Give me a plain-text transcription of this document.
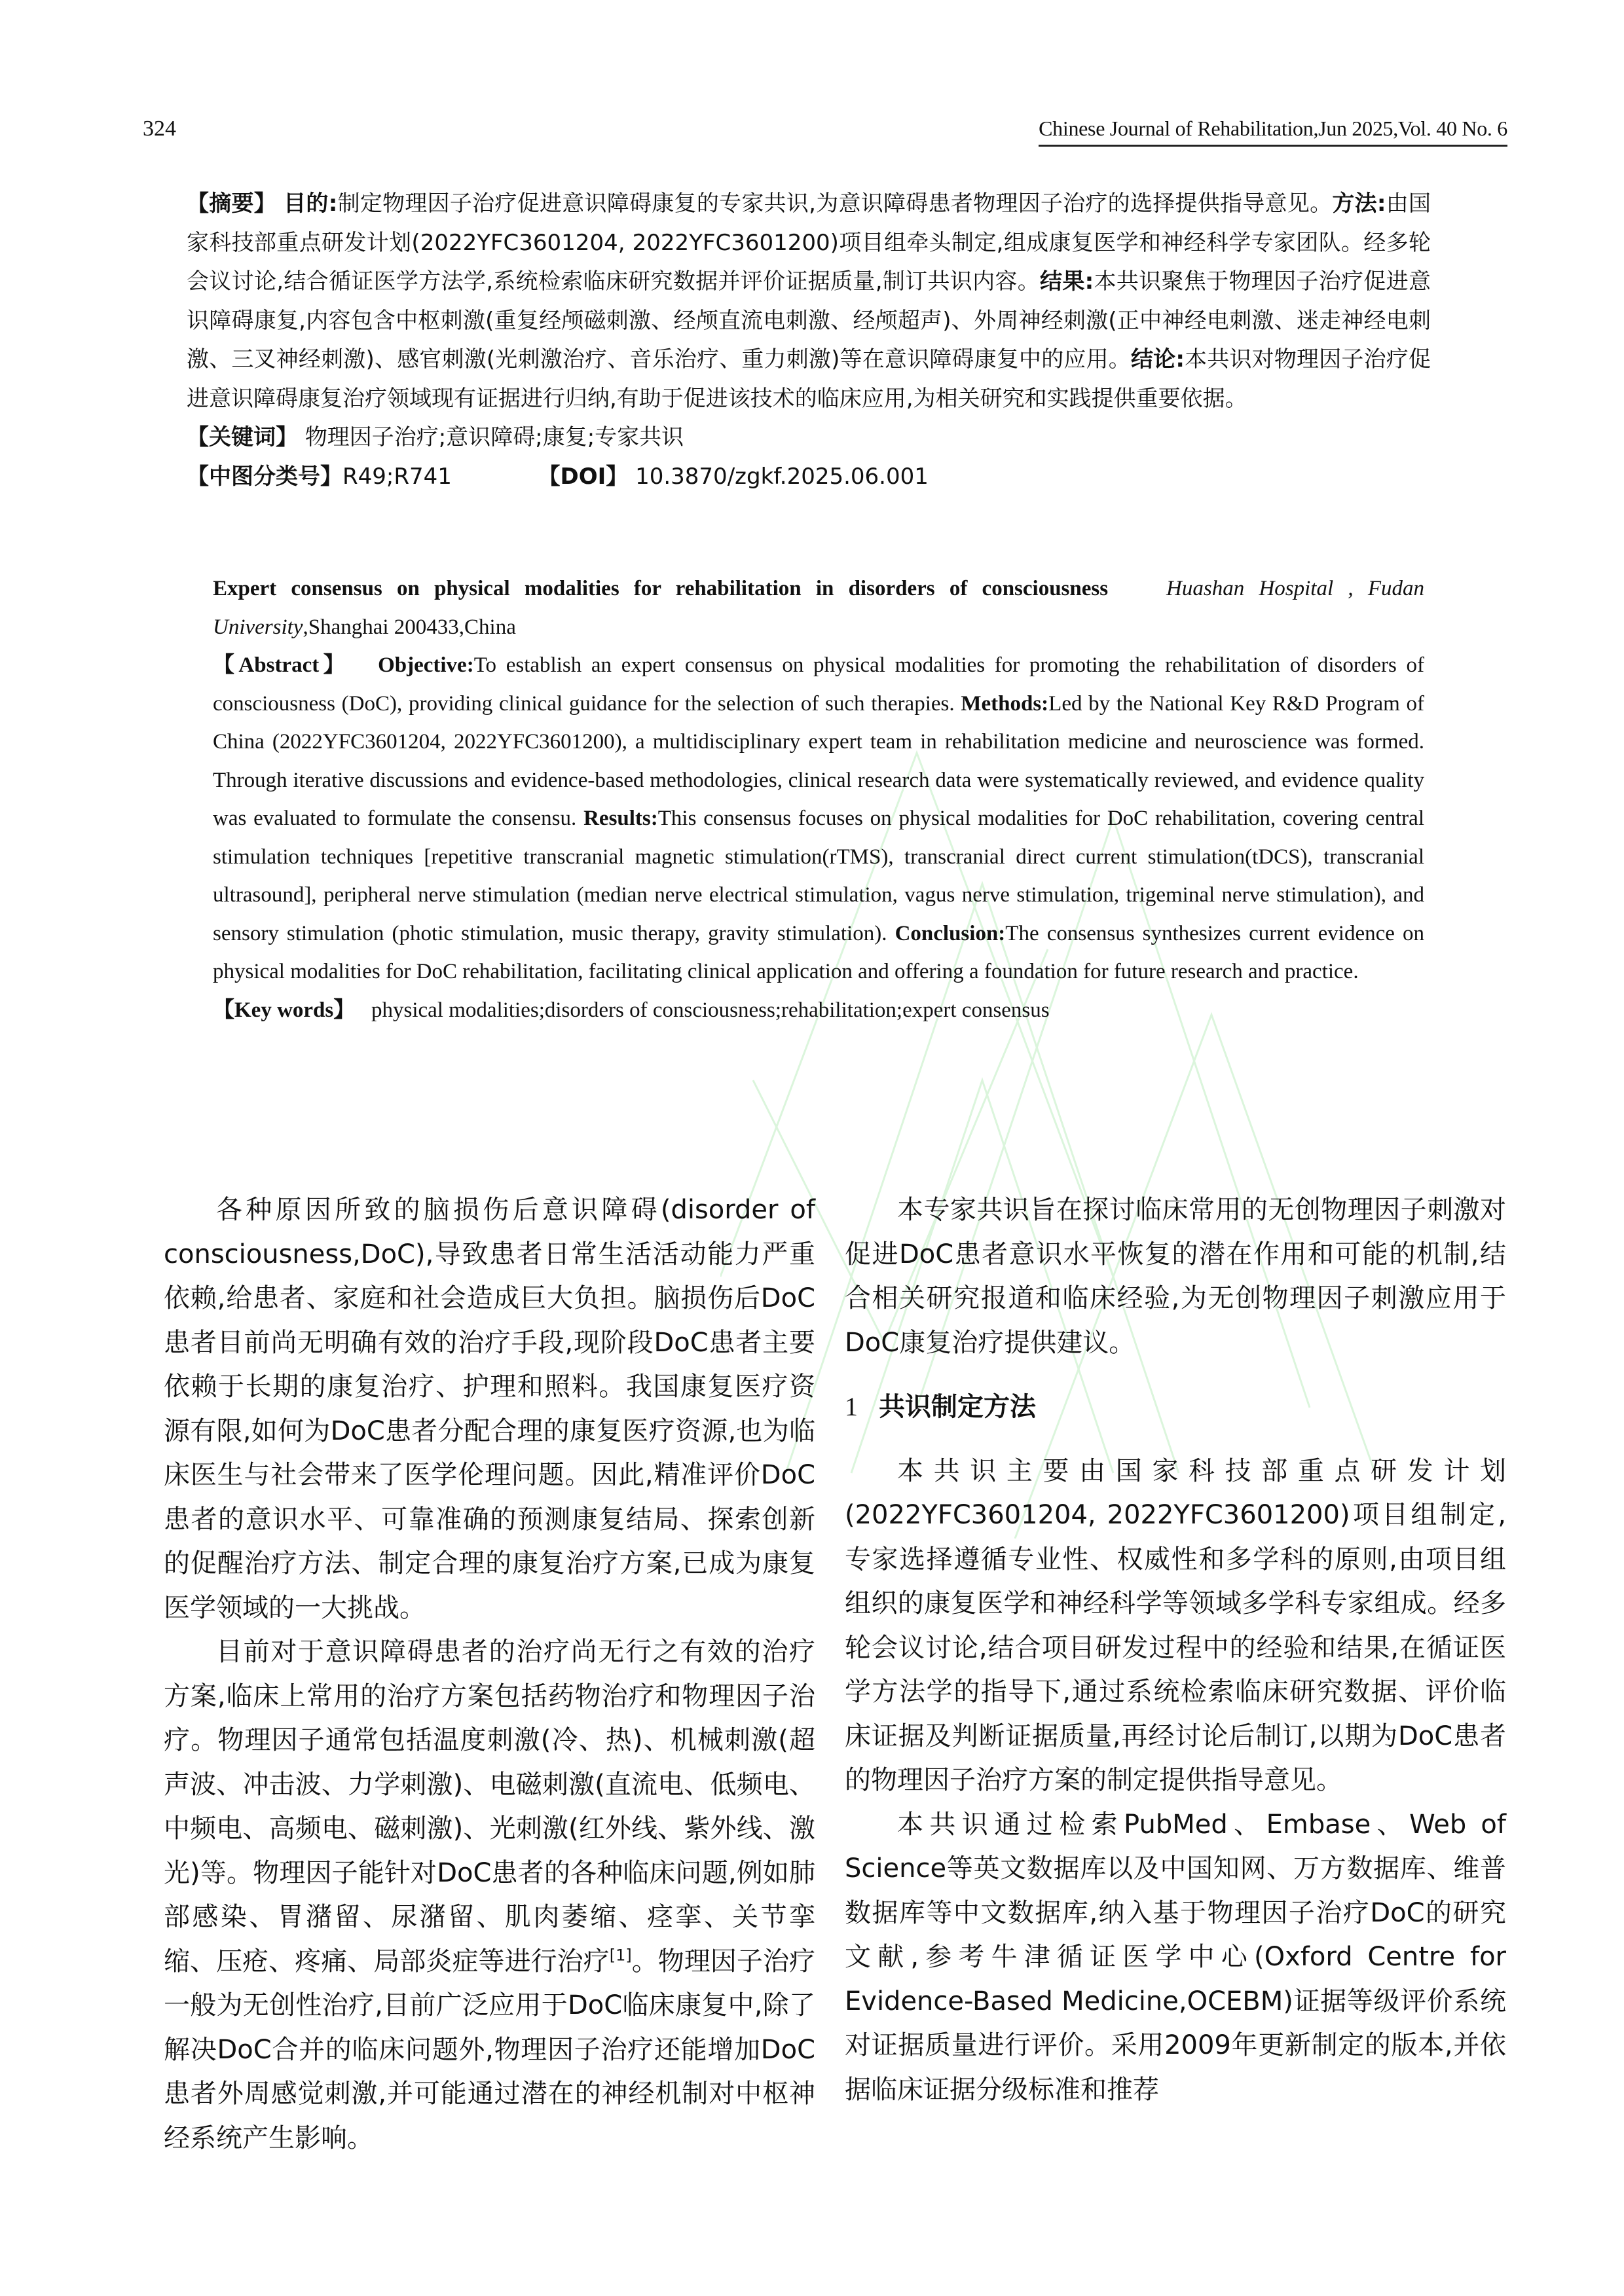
324	Chinese Journal of Rehabilitation,Jun 2025,Vol. 40 No. 6

【摘要】 目的:制定物理因子治疗促进意识障碍康复的专家共识,为意识障碍患者物理因子治疗的选择提供指导意见。方法:由国家科技部重点研发计划(2022YFC3601204, 2022YFC3601200)项目组牵头制定,组成康复医学和神经科学专家团队。经多轮会议讨论,结合循证医学方法学,系统检索临床研究数据并评价证据质量,制订共识内容。结果:本共识聚焦于物理因子治疗促进意识障碍康复,内容包含中枢刺激(重复经颅磁刺激、经颅直流电刺激、经颅超声)、外周神经刺激(正中神经电刺激、迷走神经电刺激、三叉神经刺激)、感官刺激(光刺激治疗、音乐治疗、重力刺激)等在意识障碍康复中的应用。结论:本共识对物理因子治疗促进意识障碍康复治疗领域现有证据进行归纳,有助于促进该技术的临床应用,为相关研究和实践提供重要依据。

【关键词】 物理因子治疗;意识障碍;康复;专家共识

【中图分类号】R49;R741	【DOI】 10.3870/zgkf.2025.06.001

Expert consensus on physical modalities for rehabilitation in disorders of consciousness	Huashan Hospital , Fudan University,Shanghai 200433,China

【Abstract】 Objective:To establish an expert consensus on physical modalities for promoting the rehabilitation of disorders of consciousness (DoC), providing clinical guidance for the selection of such therapies. Methods:Led by the National Key R&D Program of China (2022YFC3601204, 2022YFC3601200), a multidisciplinary expert team in rehabilitation medicine and neuroscience was formed. Through iterative discussions and evidence-based methodologies, clinical research data were systematically reviewed, and evidence quality was evaluated to formulate the consensu. Results:This consensus focuses on physical modalities for DoC rehabilitation, covering central stimulation techniques [repetitive transcranial magnetic stimulation(rTMS), transcranial direct current stimulation(tDCS), transcranial ultrasound], peripheral nerve stimulation (median nerve electrical stimulation, vagus nerve stimulation, trigeminal nerve stimulation), and sensory stimulation (photic stimulation, music therapy, gravity stimulation). Conclusion:The consensus synthesizes current evidence on physical modalities for DoC rehabilitation, facilitating clinical application and offering a foundation for future research and practice.

【Key words】 physical modalities;disorders of consciousness;rehabilitation;expert consensus

各种原因所致的脑损伤后意识障碍(disorder of consciousness,DoC),导致患者日常生活活动能力严重依赖,给患者、家庭和社会造成巨大负担。脑损伤后DoC患者目前尚无明确有效的治疗手段,现阶段DoC患者主要依赖于长期的康复治疗、护理和照料。我国康复医疗资源有限,如何为DoC患者分配合理的康复医疗资源,也为临床医生与社会带来了医学伦理问题。因此,精准评价DoC患者的意识水平、可靠准确的预测康复结局、探索创新的促醒治疗方法、制定合理的康复治疗方案,已成为康复医学领域的一大挑战。

目前对于意识障碍患者的治疗尚无行之有效的治疗方案,临床上常用的治疗方案包括药物治疗和物理因子治疗。物理因子通常包括温度刺激(冷、热)、机械刺激(超声波、冲击波、力学刺激)、电磁刺激(直流电、低频电、中频电、高频电、磁刺激)、光刺激(红外线、紫外线、激光)等。物理因子能针对DoC患者的各种临床问题,例如肺部感染、胃潴留、尿潴留、肌肉萎缩、痉挛、关节挛缩、压疮、疼痛、局部炎症等进行治疗[1]。物理因子治疗一般为无创性治疗,目前广泛应用于DoC临床康复中,除了解决DoC合并的临床问题外,物理因子治疗还能增加DoC患者外周感觉刺激,并可能通过潜在的神经机制对中枢神经系统产生影响。

本专家共识旨在探讨临床常用的无创物理因子刺激对促进DoC患者意识水平恢复的潜在作用和可能的机制,结合相关研究报道和临床经验,为无创物理因子刺激应用于DoC康复治疗提供建议。

1 共识制定方法

本共识主要由国家科技部重点研发计划(2022YFC3601204, 2022YFC3601200)项目组制定,专家选择遵循专业性、权威性和多学科的原则,由项目组组织的康复医学和神经科学等领域多学科专家组成。经多轮会议讨论,结合项目研发过程中的经验和结果,在循证医学方法学的指导下,通过系统检索临床研究数据、评价临床证据及判断证据质量,再经讨论后制订,以期为DoC患者的物理因子治疗方案的制定提供指导意见。

本共识通过检索PubMed、Embase、Web of Science等英文数据库以及中国知网、万方数据库、维普数据库等中文数据库,纳入基于物理因子治疗DoC的研究文献,参考牛津循证医学中心(Oxford Centre for Evidence-Based Medicine,OCEBM)证据等级评价系统对证据质量进行评价。采用2009年更新制定的版本,并依据临床证据分级标准和推荐
